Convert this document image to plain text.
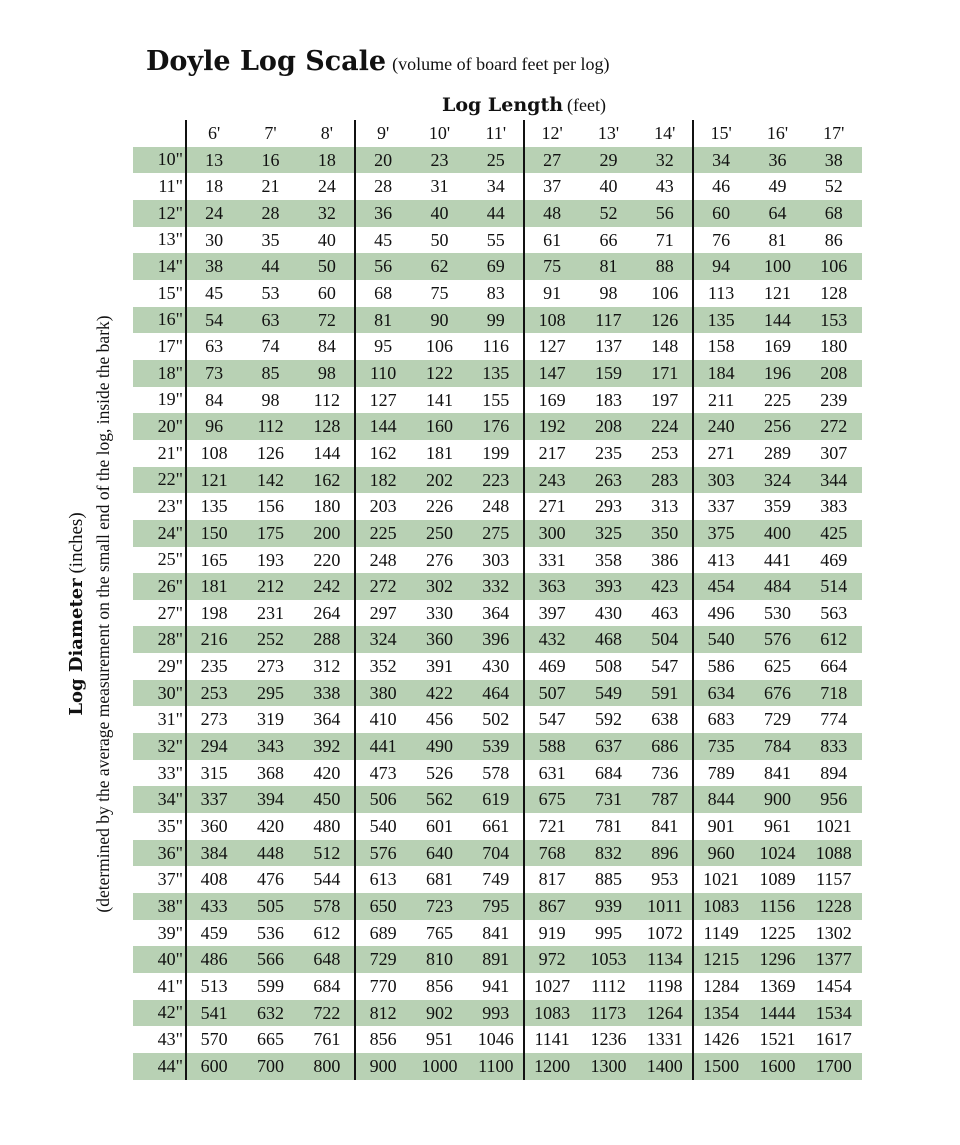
Doyle Log Scale (volume of board feet per log)
Log Length (feet)
Log Diameter (inches) (determined by the average measurement on the small end of the log, inside the bark)
6'	7'	8'	9'	10'	11'	12'	13'	14'	15'	16'	17'
10"	13	16	18	20	23	25	27	29	32	34	36	38
11"	18	21	24	28	31	34	37	40	43	46	49	52
12"	24	28	32	36	40	44	48	52	56	60	64	68
13"	30	35	40	45	50	55	61	66	71	76	81	86
14"	38	44	50	56	62	69	75	81	88	94	100	106
15"	45	53	60	68	75	83	91	98	106	113	121	128
16"	54	63	72	81	90	99	108	117	126	135	144	153
17"	63	74	84	95	106	116	127	137	148	158	169	180
18"	73	85	98	110	122	135	147	159	171	184	196	208
19"	84	98	112	127	141	155	169	183	197	211	225	239
20"	96	112	128	144	160	176	192	208	224	240	256	272
21" 108	126	144	162	181	199	217	235	253	271	289	307
22" 121	142	162	182	202	223	243	263	283	303	324	344
23" 135	156	180	203	226	248	271	293	313	337	359	383
24" 150	175	200	225	250	275	300	325	350	375	400	425
25" 165	193	220	248	276	303	331	358	386	413	441	469
26" 181	212	242	272	302	332	363	393	423	454	484	514
27" 198	231	264	297	330	364	397	430	463	496	530	563
28" 216	252	288	324	360	396	432	468	504	540	576	612
29" 235	273	312	352	391	430	469	508	547	586	625	664
30" 253	295	338	380	422	464	507	549	591	634	676	718
31" 273	319	364	410	456	502	547	592	638	683	729	774
32" 294	343	392	441	490	539	588	637	686	735	784	833
33" 315	368	420	473	526	578	631	684	736	789	841	894
34" 337	394	450	506	562	619	675	731	787	844	900	956
35" 360	420	480	540	601	661	721	781	841	901	961	1021
36" 384	448	512	576	640	704	768	832	896	960	1024	1088
37" 408	476	544	613	681	749	817	885	953	1021	1089	1157
38" 433	505	578	650	723	795	867	939	1011	1083	1156	1228
39" 459	536	612	689	765	841	919	995	1072	1149	1225	1302
40" 486	566	648	729	810	891	972	1053	1134	1215	1296	1377
41" 513	599	684	770	856	941	1027	1112	1198	1284	1369	1454
42" 541	632	722	812	902	993	1083	1173	1264	1354	1444	1534
43" 570	665	761	856	951	1046	1141	1236	1331	1426	1521	1617
44" 600	700	800	900	1000	1100	1200	1300	1400	1500	1600	1700
